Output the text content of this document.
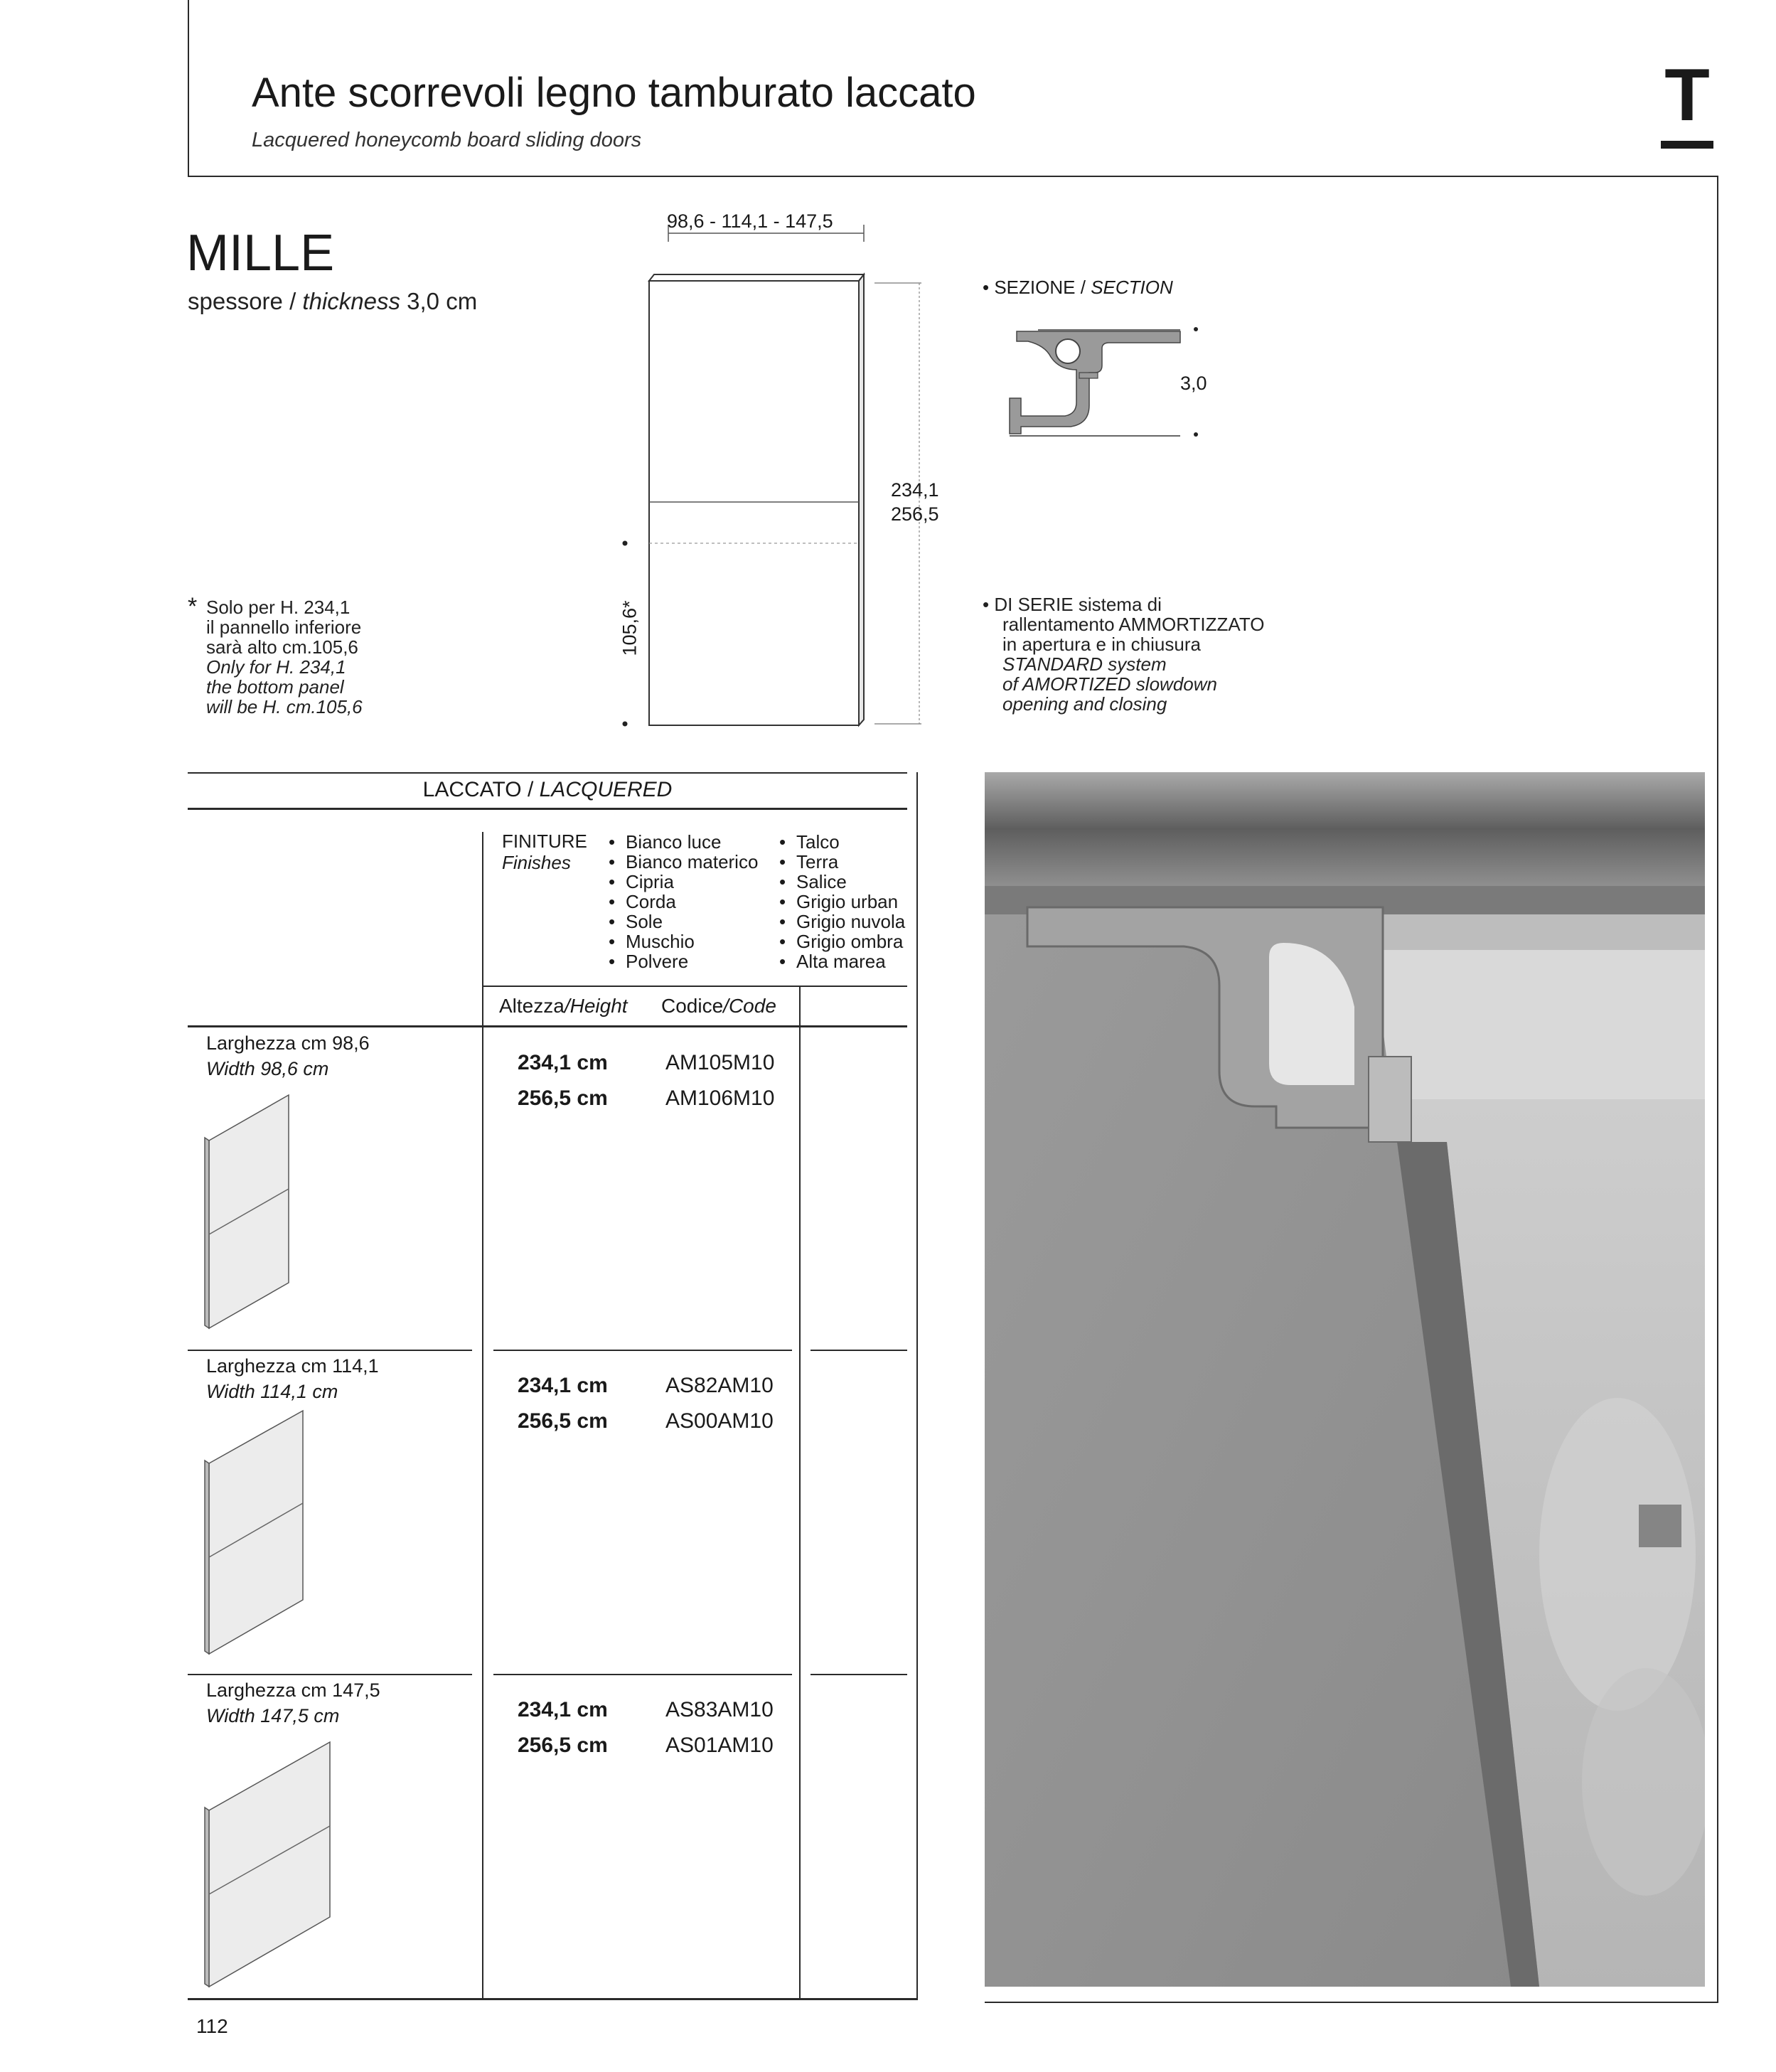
Ante scorrevoli legno tamburato laccato
Lacquered honeycomb board sliding doors
T
MILLE
spessore / thickness 3,0 cm
98,6 - 114,1 - 147,5
234,1
256,5
105,6*
* Solo per H. 234,1
il pannello inferiore
sarà alto cm.105,6
Only for H. 234,1
the bottom panel
will be H. cm.105,6
• SEZIONE / SECTION
3,0
• DI SERIE sistema di
rallentamento AMMORTIZZATO
in apertura e in chiusura
STANDARD system
of AMORTIZED slowdown
opening and closing
LACCATO / LACQUERED
FINITURE
Finishes
• Bianco luce
• Bianco materico
• Cipria
• Corda
• Sole
• Muschio
• Polvere
• Talco
• Terra
• Salice
• Grigio urban
• Grigio nuvola
• Grigio ombra
• Alta marea
Altezza/Height Codice/Code
Larghezza cm 98,6
Width 98,6 cm	234,1 cm	AM105M10
256,5 cm	AM106M10
Larghezza cm 114,1
Width 114,1 cm	234,1 cm	AS82AM10
256,5 cm	AS00AM10
Larghezza cm 147,5
Width 147,5 cm	234,1 cm	AS83AM10
256,5 cm	AS01AM10
112
